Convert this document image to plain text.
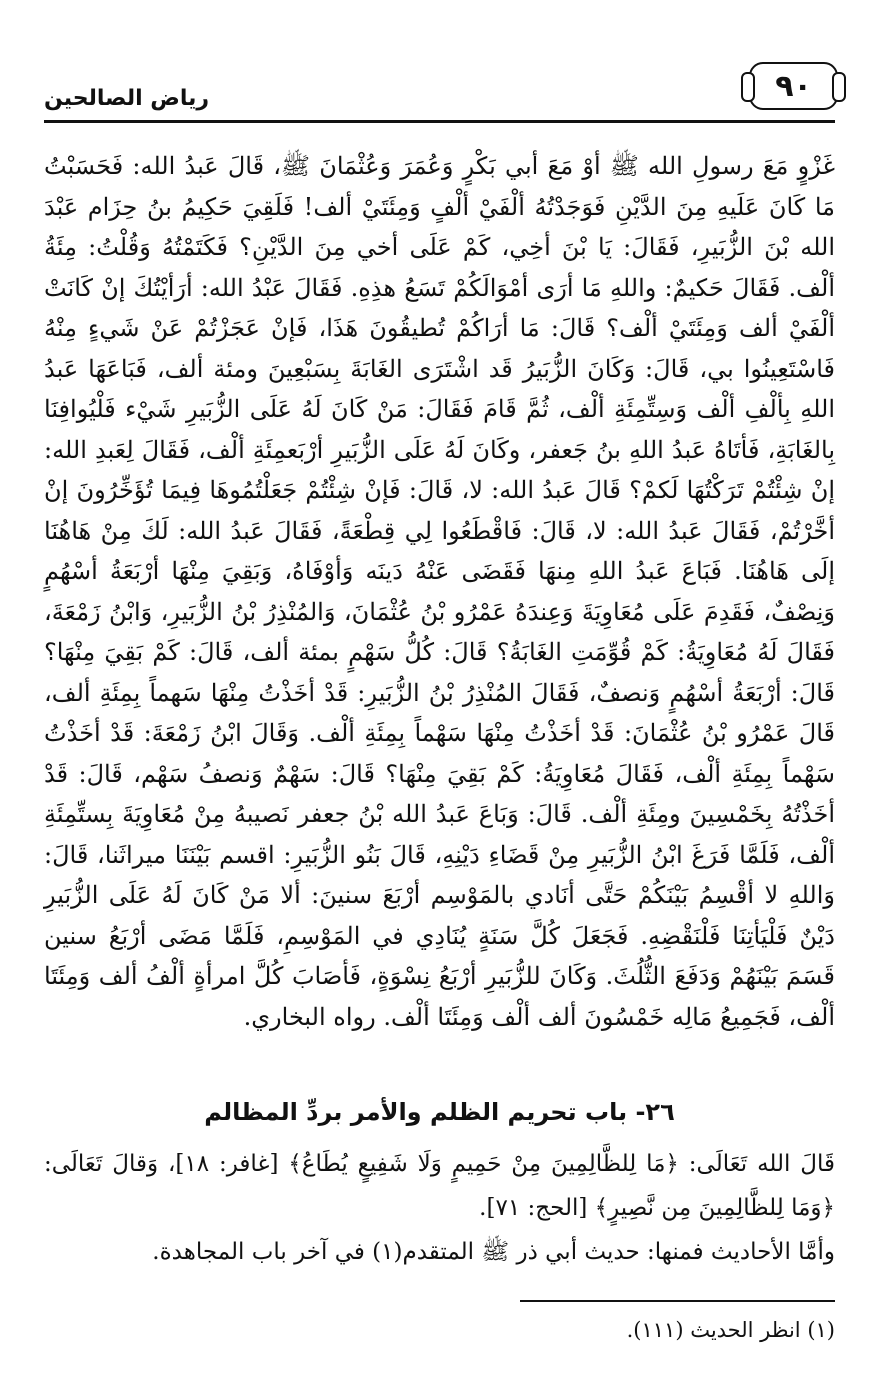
رياض الصالحين	٩٠

غَزْوٍ مَعَ رسولِ الله ﷺ أوْ مَعَ أبي بَكْرٍ وَعُمَرَ وَعُثْمَانَ ﷺ، قَالَ عَبدُ الله: فَحَسَبْتُ مَا كَانَ عَلَيهِ مِنَ الدَّيْنِ فَوَجَدْتُهُ ألْفَيْ ألْفٍ وَمِئَتَيْ ألف! فَلَقِيَ حَكِيمُ بنُ حِزَام عَبْدَ الله بْنَ الزُّبَيرِ، فَقَالَ: يَا بْنَ أخِي، كَمْ عَلَى أخي مِنَ الدَّيْنِ؟ فَكَتَمْتُهُ وَقُلْتُ: مِئَةُ ألْف. فَقَالَ حَكيمٌ: واللهِ مَا أرَى أمْوَالَكُمْ تَسَعُ هذِهِ. فَقَالَ عَبْدُ الله: أرَأيْتُكَ إنْ كَانَتْ ألْفَيْ ألف وَمِئَتَيْ ألْف؟ قَالَ: مَا أرَاكُمْ تُطيقُونَ هَذَا، فَإنْ عَجَزْتُمْ عَنْ شَيءٍ مِنْهُ فَاسْتَعِينُوا بي، قَالَ: وَكَانَ الزُّبَيرُ قَد اشْتَرَى الغَابَةَ بِسَبْعِينَ ومئة ألف، فَبَاعَهَا عَبدُ اللهِ بِألْفِ ألْف وَسِتِّمِئَةِ ألْف، ثُمَّ قَامَ فَقَالَ: مَنْ كَانَ لَهُ عَلَى الزُّبَيرِ شَيْء فَلْيُوافِنَا بِالغَابَةِ، فَأتَاهُ عَبدُ اللهِ بنُ جَعفر، وكَانَ لَهُ عَلَى الزُّبَيرِ أرْبَعمِئَةِ ألْف، فَقَالَ لِعَبدِ الله: إنْ شِئْتُمْ تَرَكْتُهَا لَكمْ؟ قَالَ عَبدُ الله: لا، قَالَ: فَإنْ شِئْتُمْ جَعَلْتُمُوهَا فِيمَا تُؤَخِّرُونَ إنْ أخَّرْتُمْ، فَقَالَ عَبدُ الله: لا، قَالَ: فَاقْطَعُوا لِي قِطْعَةً، فَقَالَ عَبدُ الله: لَكَ مِنْ هَاهُنَا إلَى هَاهُنَا. فَبَاعَ عَبدُ اللهِ مِنهَا فَقَضَى عَنْهُ دَينَه وَأوْفَاهُ، وَبَقِيَ مِنْهَا أرْبَعَةُ أسْهُمٍ وَنِصْفٌ، فَقَدِمَ عَلَى مُعَاوِيَةَ وَعِندَهُ عَمْرُو بْنُ عُثْمَانَ، وَالمُنْذِرُ بْنُ الزُّبَيرِ، وَابْنُ زَمْعَةَ، فَقَالَ لَهُ مُعَاوِيَةُ: كَمْ قُوِّمَتِ الغَابَةُ؟ قَالَ: كُلُّ سَهْمٍ بمئة ألف، قَالَ: كَمْ بَقِيَ مِنْهَا؟ قَالَ: أرْبَعَةُ أسْهُمٍ وَنصفٌ، فَقَالَ المُنْذِرُ بْنُ الزُّبَيرِ: قَدْ أخَذْتُ مِنْهَا سَهماً بِمِئَةِ ألف، قَالَ عَمْرُو بْنُ عُثْمَانَ: قَدْ أخَذْتُ مِنْهَا سَهْماً بِمِئَةِ ألْف. وَقَالَ ابْنُ زَمْعَةَ: قَدْ أخَذْتُ سَهْماً بِمِئَةِ ألْف، فَقَالَ مُعَاوِيَةُ: كَمْ بَقِيَ مِنْهَا؟ قَالَ: سَهْمٌ وَنصفُ سَهْم، قَالَ: قَدْ أخَذْتُهُ بِخَمْسِينَ ومِئَةِ ألْف. قَالَ: وَبَاعَ عَبدُ الله بْنُ جعفر نَصيبهُ مِنْ مُعَاوِيَةَ بِستِّمِئَةِ ألْف، فَلَمَّا فَرَغَ ابْنُ الزُّبَيرِ مِنْ قَضَاءِ دَيْنِهِ، قَالَ بَنُو الزُّبَيرِ: اقسم بَيْنَنَا ميراثَنا، قَالَ: وَاللهِ لا أقْسِمُ بَيْنَكُمْ حَتَّى أنَادي بالمَوْسِم أرْبَعَ سنينَ: ألا مَنْ كَانَ لَهُ عَلَى الزُّبَيرِ دَيْنٌ فَلْيَأتِنَا فَلْنَقْضِهِ. فَجَعَلَ كُلَّ سَنَةٍ يُنَادِي في المَوْسِمِ، فَلَمَّا مَضَى أرْبَعُ سنين قَسَمَ بَيْنَهُمْ وَدَفَعَ الثُّلُثَ. وَكَانَ للزُّبَيرِ أرْبَعُ نِسْوَةٍ، فَأصَابَ كُلَّ امرأةٍ ألْفُ ألف وَمِئَتَا ألْف، فَجَمِيعُ مَالِه خَمْسُونَ ألف ألْف وَمِئَتَا ألْف. رواه البخاري.

٢٦- باب تحريم الظلم والأمر بردِّ المظالم

قَالَ الله تَعَالَى: ﴿مَا لِلظَّالِمِينَ مِنْ حَمِيمٍ وَلَا شَفِيعٍ يُطَاعُ﴾ [غافر: ١٨]، وَقالَ تَعَالَى: ﴿وَمَا لِلظَّالِمِينَ مِن نَّصِيرٍ﴾ [الحج: ٧١].

وأمَّا الأحاديث فمنها: حديث أبي ذر ﷺ المتقدم(١) في آخر باب المجاهدة.

(١) انظر الحديث (١١١).
